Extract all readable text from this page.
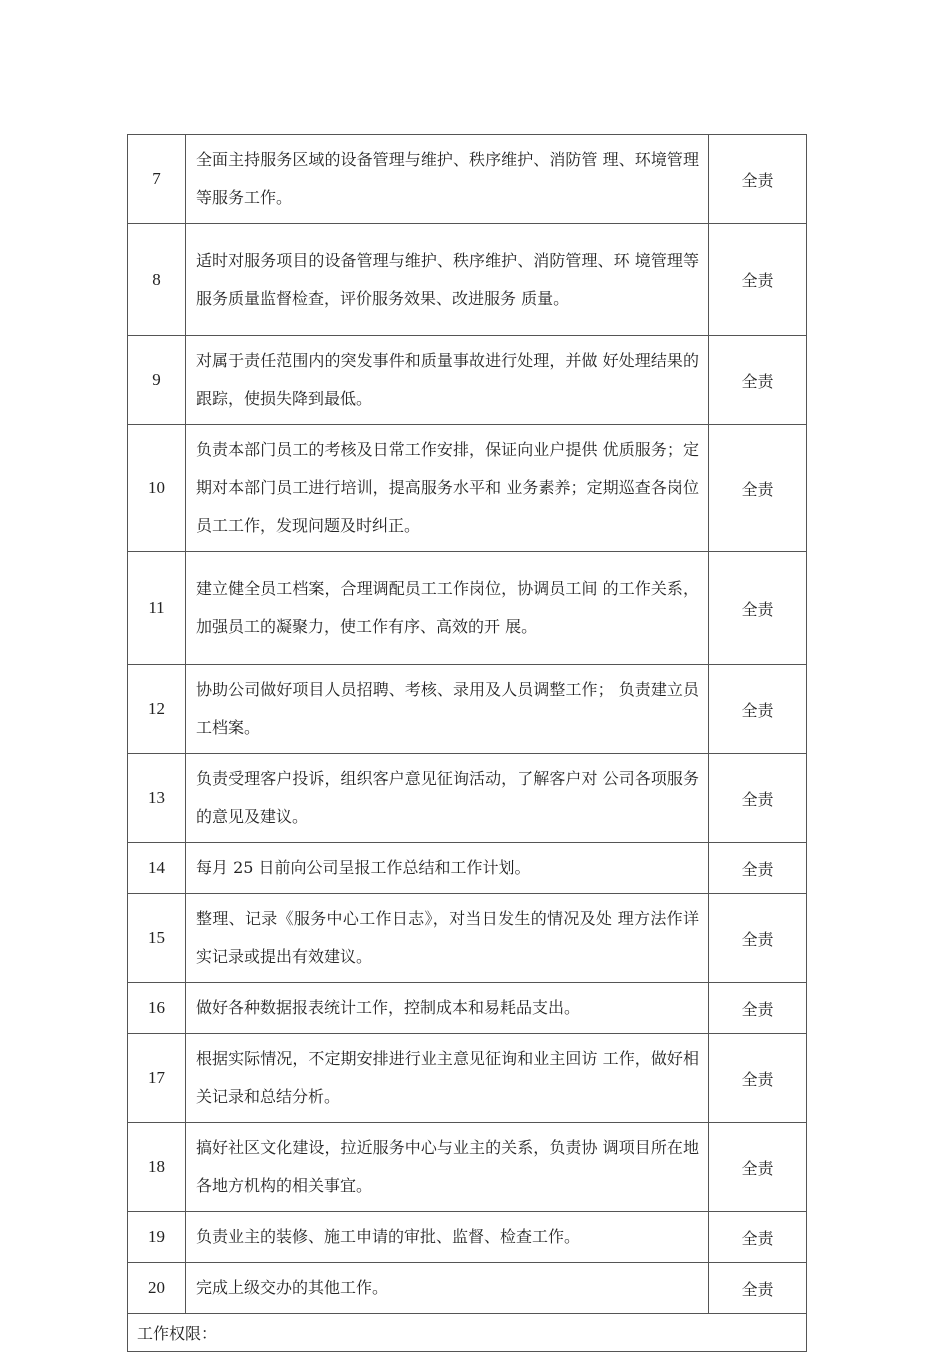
7	全面主持服务区域的设备管理与维护、秩序维护、消防管 理、环境管理等服务工作。	全责
8	适时对服务项目的设备管理与维护、秩序维护、消防管理、环 境管理等服务质量监督检查，评价服务效果、改进服务 质量。	全责
9	对属于责任范围内的突发事件和质量事故进行处理，并做 好处理结果的跟踪，使损失降到最低。	全责
10	负责本部门员工的考核及日常工作安排，保证向业户提供 优质服务；定期对本部门员工进行培训，提高服务水平和 业务素养；定期巡查各岗位员工工作，发现问题及时纠正。	全责
11	建立健全员工档案，合理调配员工工作岗位，协调员工间 的工作关系，加强员工的凝聚力，使工作有序、高效的开 展。	全责
12	协助公司做好项目人员招聘、考核、录用及人员调整工作； 负责建立员工档案。	全责
13	负责受理客户投诉，组织客户意见征询活动，了解客户对 公司各项服务的意见及建议。	全责
14	每月 25 日前向公司呈报工作总结和工作计划。	全责
15	整理、记录《服务中心工作日志》，对当日发生的情况及处 理方法作详实记录或提出有效建议。	全责
16	做好各种数据报表统计工作，控制成本和易耗品支出。	全责
17	根据实际情况，不定期安排进行业主意见征询和业主回访 工作，做好相关记录和总结分析。	全责
18	搞好社区文化建设，拉近服务中心与业主的关系，负责协 调项目所在地各地方机构的相关事宜。	全责
19	负责业主的装修、施工申请的审批、监督、检查工作。	全责
20	完成上级交办的其他工作。	全责
工作权限：		
